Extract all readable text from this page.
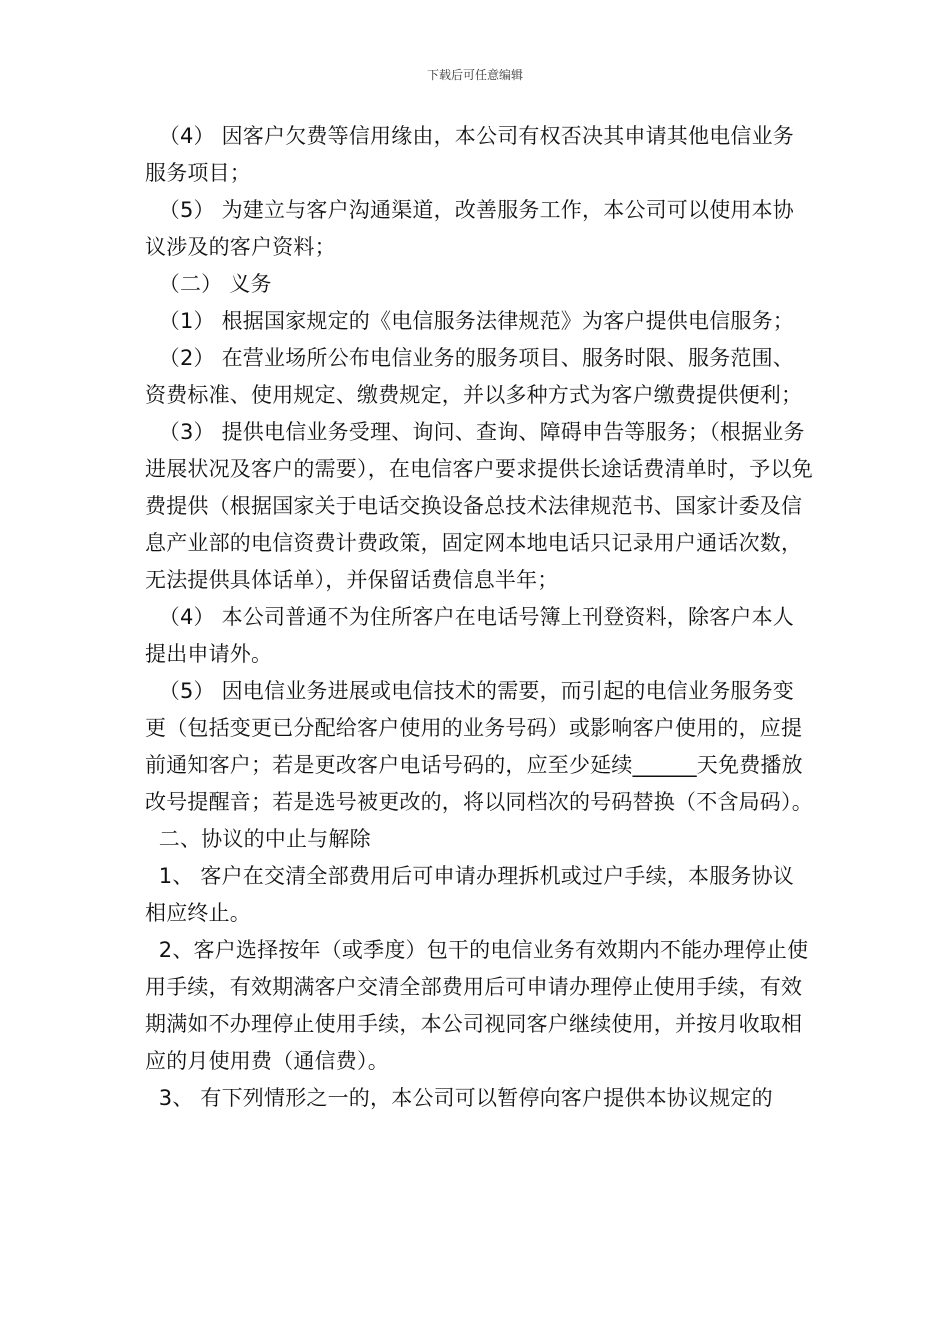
下载后可任意编辑

（4） 因客户欠费等信用缘由，本公司有权否决其申请其他电信业务服务项目；

（5） 为建立与客户沟通渠道，改善服务工作，本公司可以使用本协议涉及的客户资料；

（二） 义务

（1） 根据国家规定的《电信服务法律规范》为客户提供电信服务；

（2） 在营业场所公布电信业务的服务项目、服务时限、服务范围、资费标准、使用规定、缴费规定，并以多种方式为客户缴费提供便利；

（3） 提供电信业务受理、询问、查询、障碍申告等服务；（根据业务进展状况及客户的需要），在电信客户要求提供长途话费清单时，予以免费提供（根据国家关于电话交换设备总技术法律规范书、国家计委及信息产业部的电信资费计费政策，固定网本地电话只记录用户通话次数，无法提供具体话单），并保留话费信息半年；

（4） 本公司普通不为住所客户在电话号簿上刊登资料，除客户本人提出申请外。

（5） 因电信业务进展或电信技术的需要，而引起的电信业务服务变更（包括变更已分配给客户使用的业务号码）或影响客户使用的，应提前通知客户；若是更改客户电话号码的，应至少延续______天免费播放改号提醒音；若是选号被更改的，将以同档次的号码替换（不含局码）。

二、协议的中止与解除

1、 客户在交清全部费用后可申请办理拆机或过户手续，本服务协议相应终止。

2、客户选择按年（或季度）包干的电信业务有效期内不能办理停止使用手续，有效期满客户交清全部费用后可申请办理停止使用手续，有效期满如不办理停止使用手续，本公司视同客户继续使用，并按月收取相应的月使用费（通信费）。

3、 有下列情形之一的，本公司可以暂停向客户提供本协议规定的
